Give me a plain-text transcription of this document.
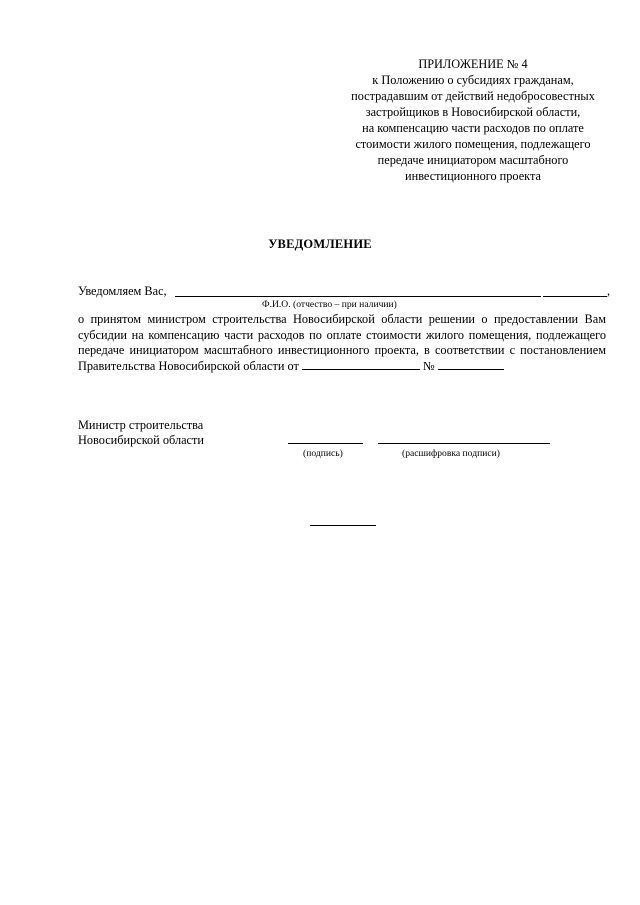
ПРИЛОЖЕНИЕ № 4
к Положению о субсидиях гражданам,
пострадавшим от действий недобросовестных
застройщиков в Новосибирской области,
на компенсацию части расходов по оплате
стоимости жилого помещения, подлежащего
передаче инициатором масштабного
инвестиционного проекта
УВЕДОМЛЕНИЕ
Уведомляем Вас,	,
Ф.И.О. (отчество – при наличии)
о принятом министром строительства Новосибирской области решении о предоставлении Вам субсидии на компенсацию части расходов по оплате стоимости жилого помещения, подлежащего передаче инициатором масштабного инвестиционного проекта, в соответствии с постановлением Правительства Новосибирской области от	№
Министр строительства
Новосибирской области
(подпись)	(расшифровка подписи)
